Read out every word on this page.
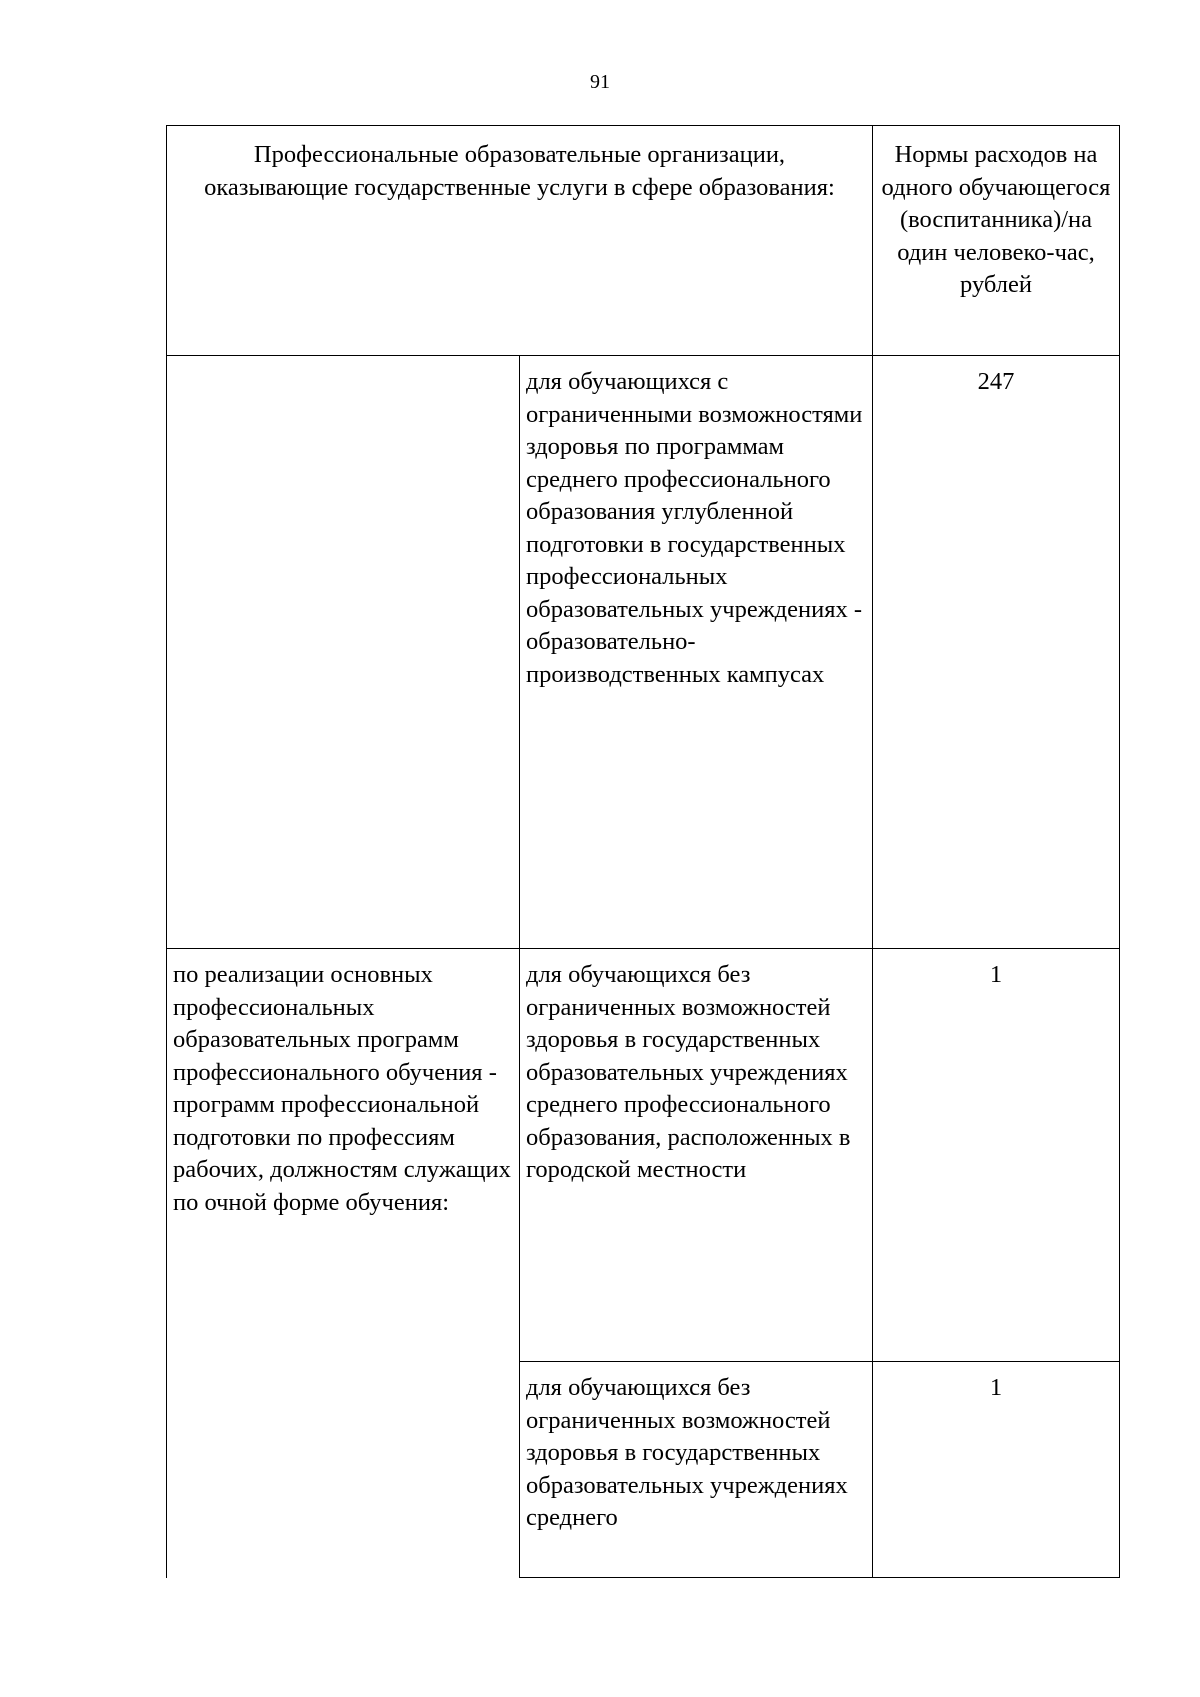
91
Профессиональные образовательные организации, оказывающие государственные услуги в сфере образования:		Нормы расходов на одного обучающегося (воспитанника)/на один человеко-час, рублей
	для обучающихся с ограниченными возможностями здоровья по программам среднего профессионального образования углубленной подготовки в государственных профессиональных образовательных учреждениях - образовательно-производственных кампусах	247
по реализации основных профессиональных образовательных программ профессионального обучения - программ профессиональной подготовки по профессиям рабочих, должностям служащих по очной форме обучения:	для обучающихся без ограниченных возможностей здоровья в государственных образовательных учреждениях среднего профессионального образования, расположенных в городской местности	1
	для обучающихся без ограниченных возможностей здоровья в государственных образовательных учреждениях среднего	1
